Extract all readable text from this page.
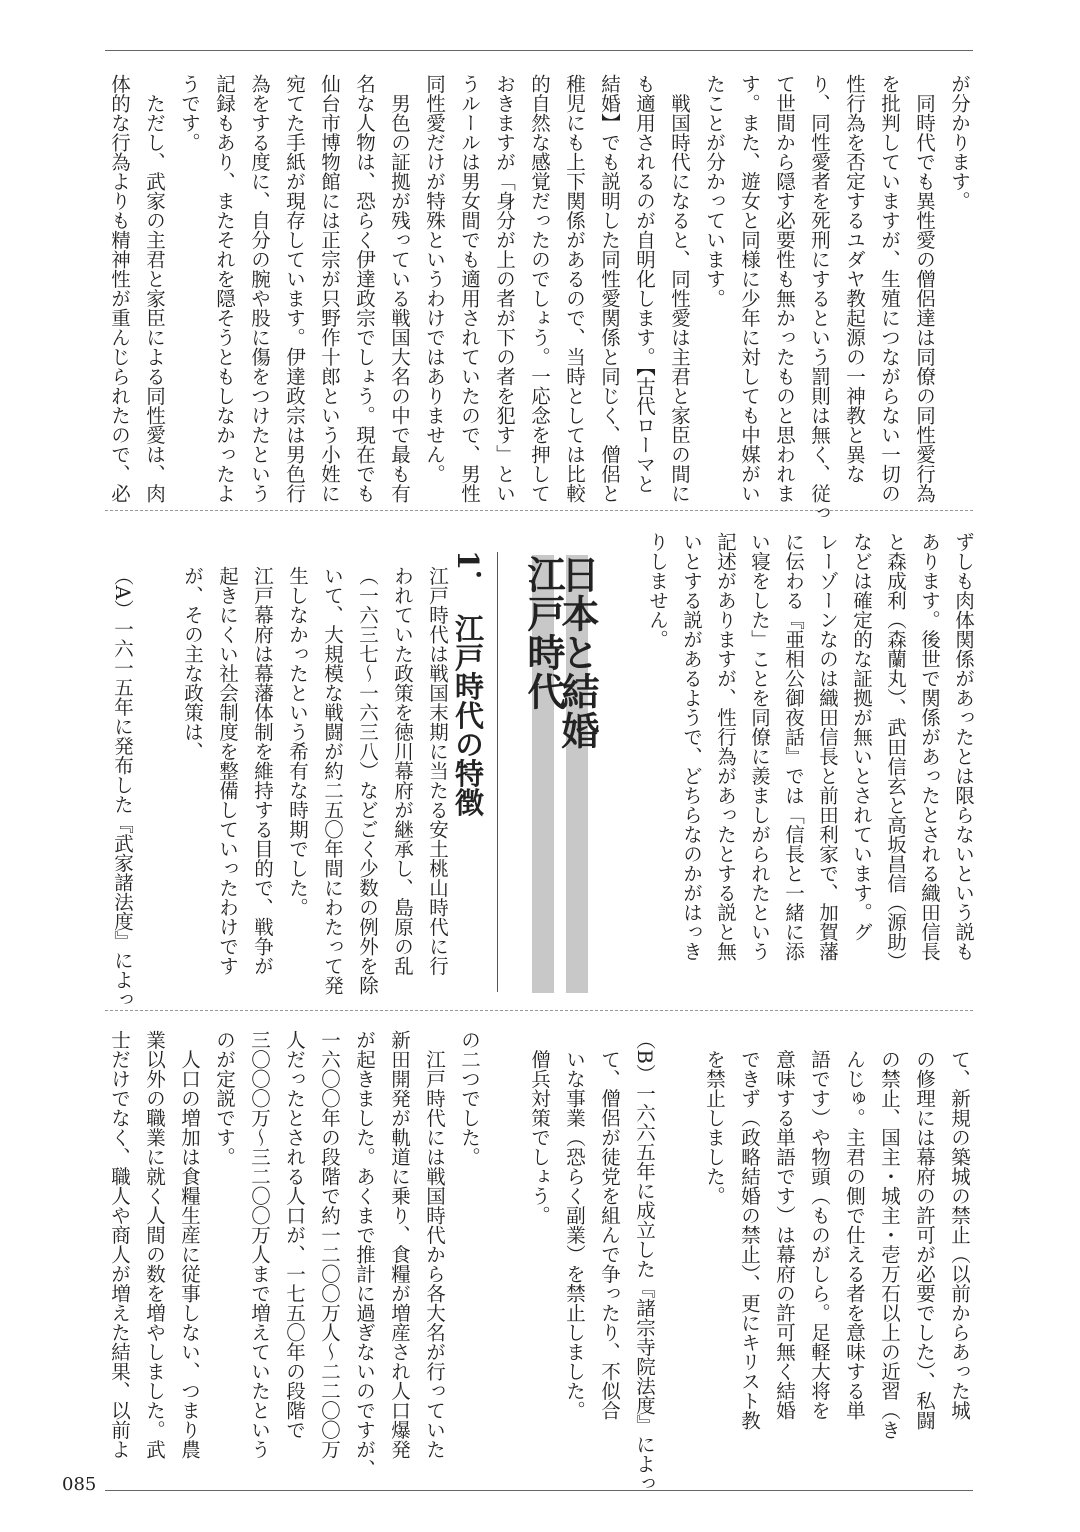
が分かります。
　同時代でも異性愛の僧侶達は同僚の同性愛行為
を批判していますが、生殖につながらない一切の
性行為を否定するユダヤ教起源の一神教と異な
り、同性愛者を死刑にするという罰則は無く、従っ
て世間から隠す必要性も無かったものと思われま
す。また、遊女と同様に少年に対しても中媒がい
たことが分かっています。
　戦国時代になると、同性愛は主君と家臣の間に
も適用されるのが自明化します。【古代ローマと
結婚】でも説明した同性愛関係と同じく、僧侶と
稚児にも上下関係があるので、当時としては比較
的自然な感覚だったのでしょう。一応念を押して
おきますが「身分が上の者が下の者を犯す」とい
うルールは男女間でも適用されていたので、男性
同性愛だけが特殊というわけではありません。
　男色の証拠が残っている戦国大名の中で最も有
名な人物は、恐らく伊達政宗でしょう。現在でも
仙台市博物館には正宗が只野作十郎という小姓に
宛てた手紙が現存しています。伊達政宗は男色行
為をする度に、自分の腕や股に傷をつけたという
記録もあり、またそれを隠そうともしなかったよ
うです。
　ただし、武家の主君と家臣による同性愛は、肉
体的な行為よりも精神性が重んじられたので、必
ずしも肉体関係があったとは限らないという説も
あります。後世で関係があったとされる織田信長
と森成利（森蘭丸）、武田信玄と高坂昌信（源助）
などは確定的な証拠が無いとされています。グ
レーゾーンなのは織田信長と前田利家で、加賀藩
に伝わる『亜相公御夜話』では「信長と一緒に添
い寝をした」ことを同僚に羨ましがられたという
記述がありますが、性行為があったとする説と無
いとする説があるようで、どちらなのかがはっき
りしません。
日本と結婚
江戸時代
1．　江戸時代の特徴
江戸時代は戦国末期に当たる安土桃山時代に行
われていた政策を徳川幕府が継承し、島原の乱
（一六三七～一六三八）などごく少数の例外を除
いて、大規模な戦闘が約二五〇年間にわたって発
生しなかったという希有な時期でした。
江戸幕府は幕藩体制を維持する目的で、戦争が
起きにくい社会制度を整備していったわけです
が、その主な政策は、
（A）一六一五年に発布した『武家諸法度』によっ
　て、新規の築城の禁止（以前からあった城
　の修理には幕府の許可が必要でした）、私闘
　の禁止、国主・城主・壱万石以上の近習（き
　んじゅ。主君の側で仕える者を意味する単
　語です）や物頭（ものがしら。足軽大将を
　意味する単語です）は幕府の許可無く結婚
　できず（政略結婚の禁止）、更にキリスト教
　を禁止しました。
（B）一六六五年に成立した『諸宗寺院法度』によっ
　て、僧侶が徒党を組んで争ったり、不似合
　いな事業（恐らく副業）を禁止しました。
　僧兵対策でしょう。
の二つでした。
　江戸時代には戦国時代から各大名が行っていた
新田開発が軌道に乗り、食糧が増産され人口爆発
が起きました。あくまで推計に過ぎないのですが、
一六〇〇年の段階で約一二〇〇万人～二二〇〇万
人だったとされる人口が、一七五〇年の段階で
三〇〇〇万～三二〇〇万人まで増えていたという
のが定説です。
　人口の増加は食糧生産に従事しない、つまり農
業以外の職業に就く人間の数を増やしました。武
士だけでなく、職人や商人が増えた結果、以前よ
085
